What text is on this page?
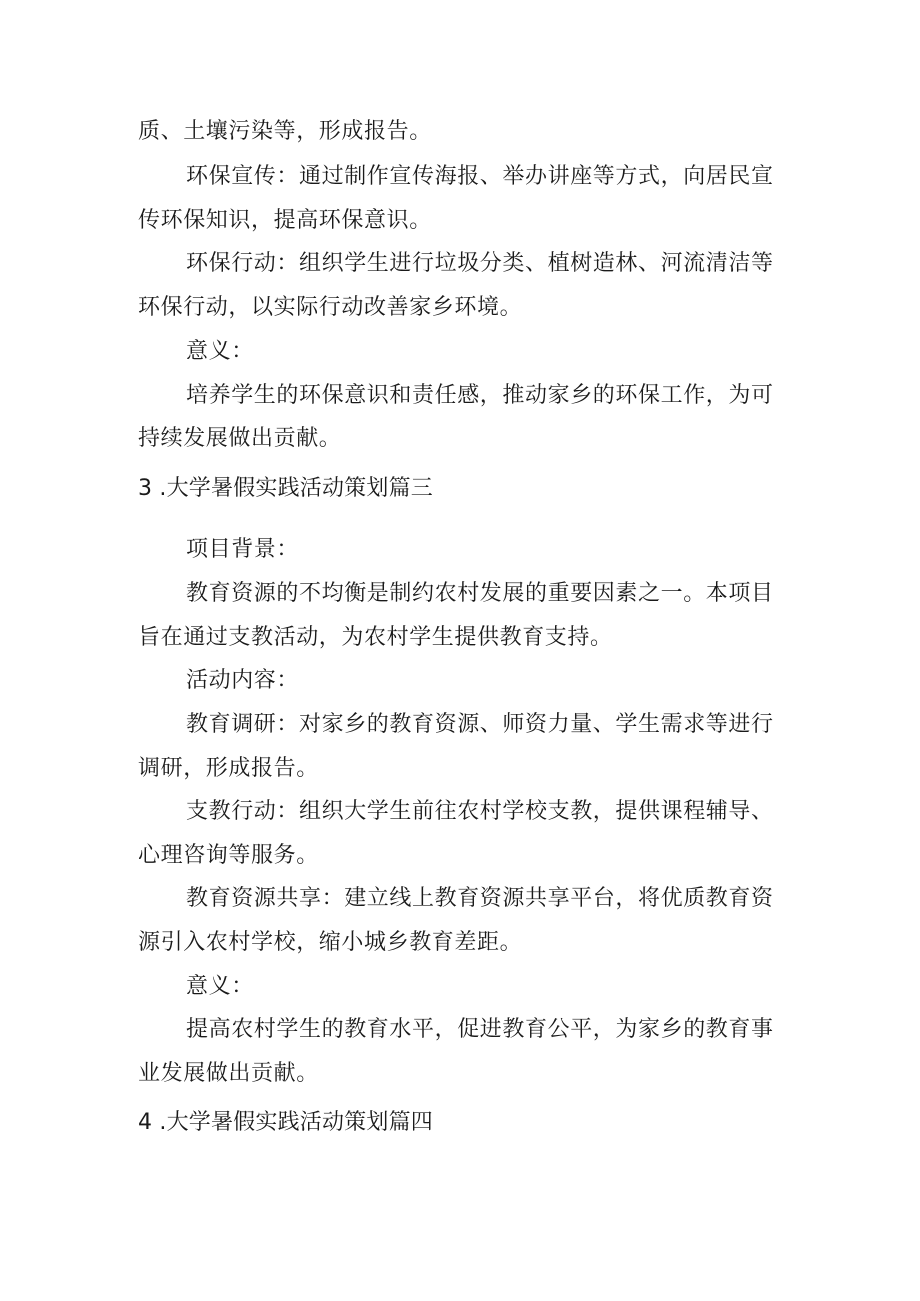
质、土壤污染等，形成报告。
环保宣传：通过制作宣传海报、举办讲座等方式，向居民宣
传环保知识，提高环保意识。
环保行动：组织学生进行垃圾分类、植树造林、河流清洁等
环保行动，以实际行动改善家乡环境。
意义：
培养学生的环保意识和责任感，推动家乡的环保工作，为可
持续发展做出贡献。
3 .大学暑假实践活动策划篇三
项目背景：
教育资源的不均衡是制约农村发展的重要因素之一。本项目
旨在通过支教活动，为农村学生提供教育支持。
活动内容：
教育调研：对家乡的教育资源、师资力量、学生需求等进行
调研，形成报告。
支教行动：组织大学生前往农村学校支教，提供课程辅导、
心理咨询等服务。
教育资源共享：建立线上教育资源共享平台，将优质教育资
源引入农村学校，缩小城乡教育差距。
意义：
提高农村学生的教育水平，促进教育公平，为家乡的教育事
业发展做出贡献。
4 .大学暑假实践活动策划篇四
